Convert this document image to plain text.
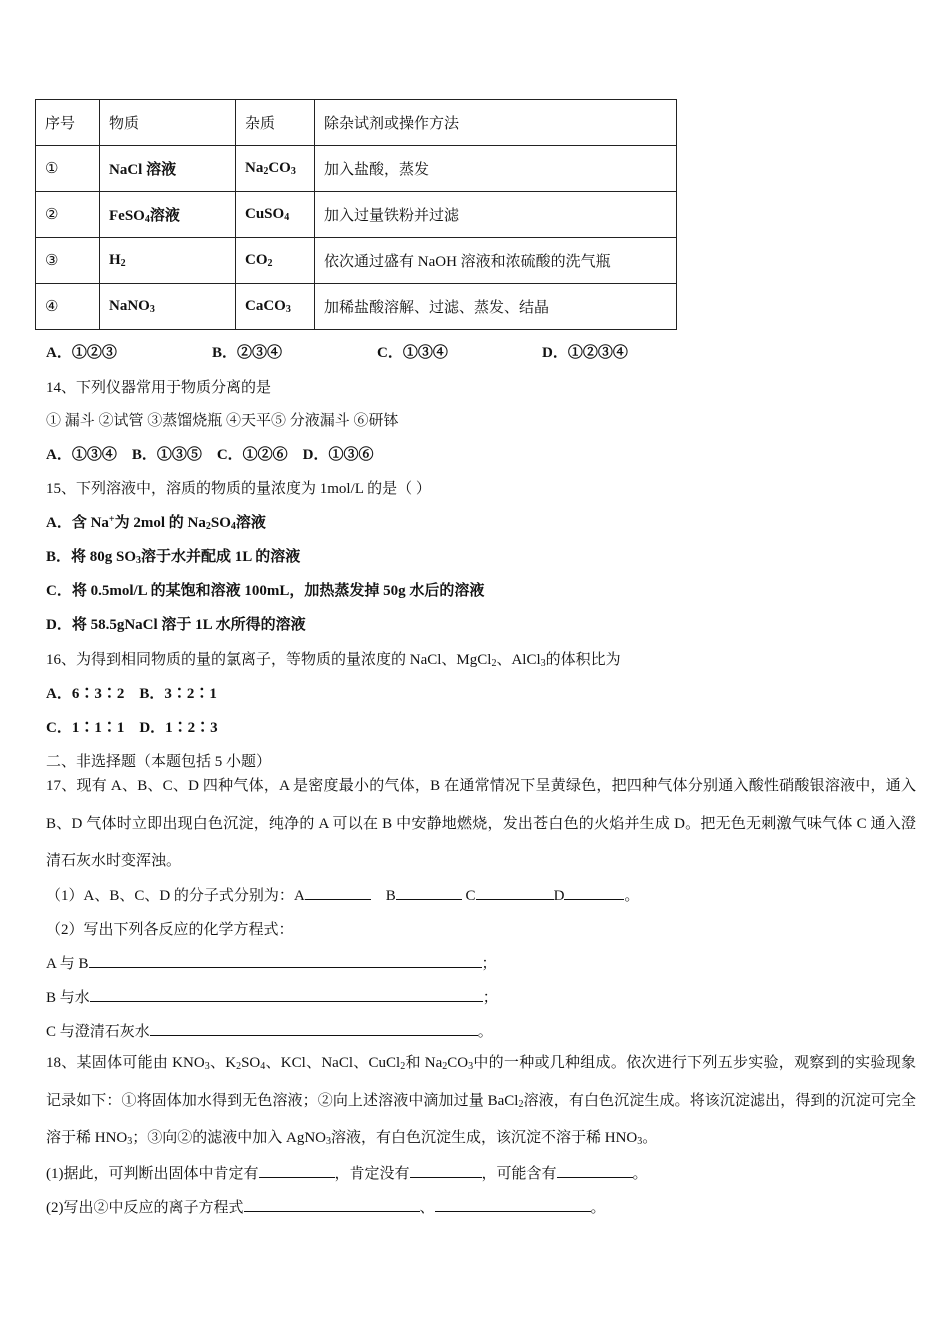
序号	物质	杂质	除杂试剂或操作方法
①	NaCl 溶液	$Na_2CO_3$	加入盐酸，蒸发
②	FeSO$_4$溶液	CuSO$_4$	加入过量铁粉并过滤
③	$H_2$	$CO_2$	依次通过盛有 NaOH 溶液和浓硫酸的洗气瓶
④	NaNO$_3$	CaCO$_3$	加稀盐酸溶解、过滤、蒸发、结晶
A．①②③	B．②③④	C．①③④	D．①②③④
14、下列仪器常用于物质分离的是
① 漏斗 ②试管 ③蒸馏烧瓶 ④天平⑤ 分液漏斗 ⑥研钵
A．①③④　B．①③⑤　C．①②⑥　D．①③⑥
15、下列溶液中，溶质的物质的量浓度为 1mol/L 的是（ ）
A．含 Na+为 2mol 的 $Na_2SO_4$溶液
B．将 80g $SO_3$溶于水并配成 1L 的溶液
C．将 0.5mol/L 的某饱和溶液 100mL，加热蒸发掉 50g 水后的溶液
D．将 58.5gNaCl 溶于 1L 水所得的溶液
16、为得到相同物质的量的氯离子，等物质的量浓度的 NaCl、MgCl$_2$、AlCl$_3$的体积比为
A．6∶3∶2　B．3∶2∶1
C．1∶1∶1　D．1∶2∶3
二、非选择题（本题包括 5 小题）
17、现有 A、B、C、D 四种气体，A 是密度最小的气体，B 在通常情况下呈黄绿色，把四种气体分别通入酸性硝酸银溶液中，通入 B、D 气体时立即出现白色沉淀，纯净的 A 可以在 B 中安静地燃烧，发出苍白色的火焰并生成 D。把无色无刺激气味气体 C 通入澄清石灰水时变浑浊。
（1）A、B、C、D 的分子式分别为：A	B	C	D	。
（2）写出下列各反应的化学方程式：
A 与 B	；
B 与水	；
C 与澄清石灰水	。
18、某固体可能由 $KNO_3$、$K_2SO_4$、KCl、NaCl、CuCl$_2$和 $Na_2CO_3$中的一种或几种组成。依次进行下列五步实验，观察到的实验现象记录如下：①将固体加水得到无色溶液；②向上述溶液中滴加过量 BaCl$_2$溶液，有白色沉淀生成。将该沉淀滤出，得到的沉淀可完全溶于稀 $HNO_3$；③向②的滤液中加入 AgNO$_3$溶液，有白色沉淀生成，该沉淀不溶于稀 $HNO_3$。
(1)据此，可判断出固体中肯定有	，肯定没有	，可能含有	。
(2)写出②中反应的离子方程式	、	。
